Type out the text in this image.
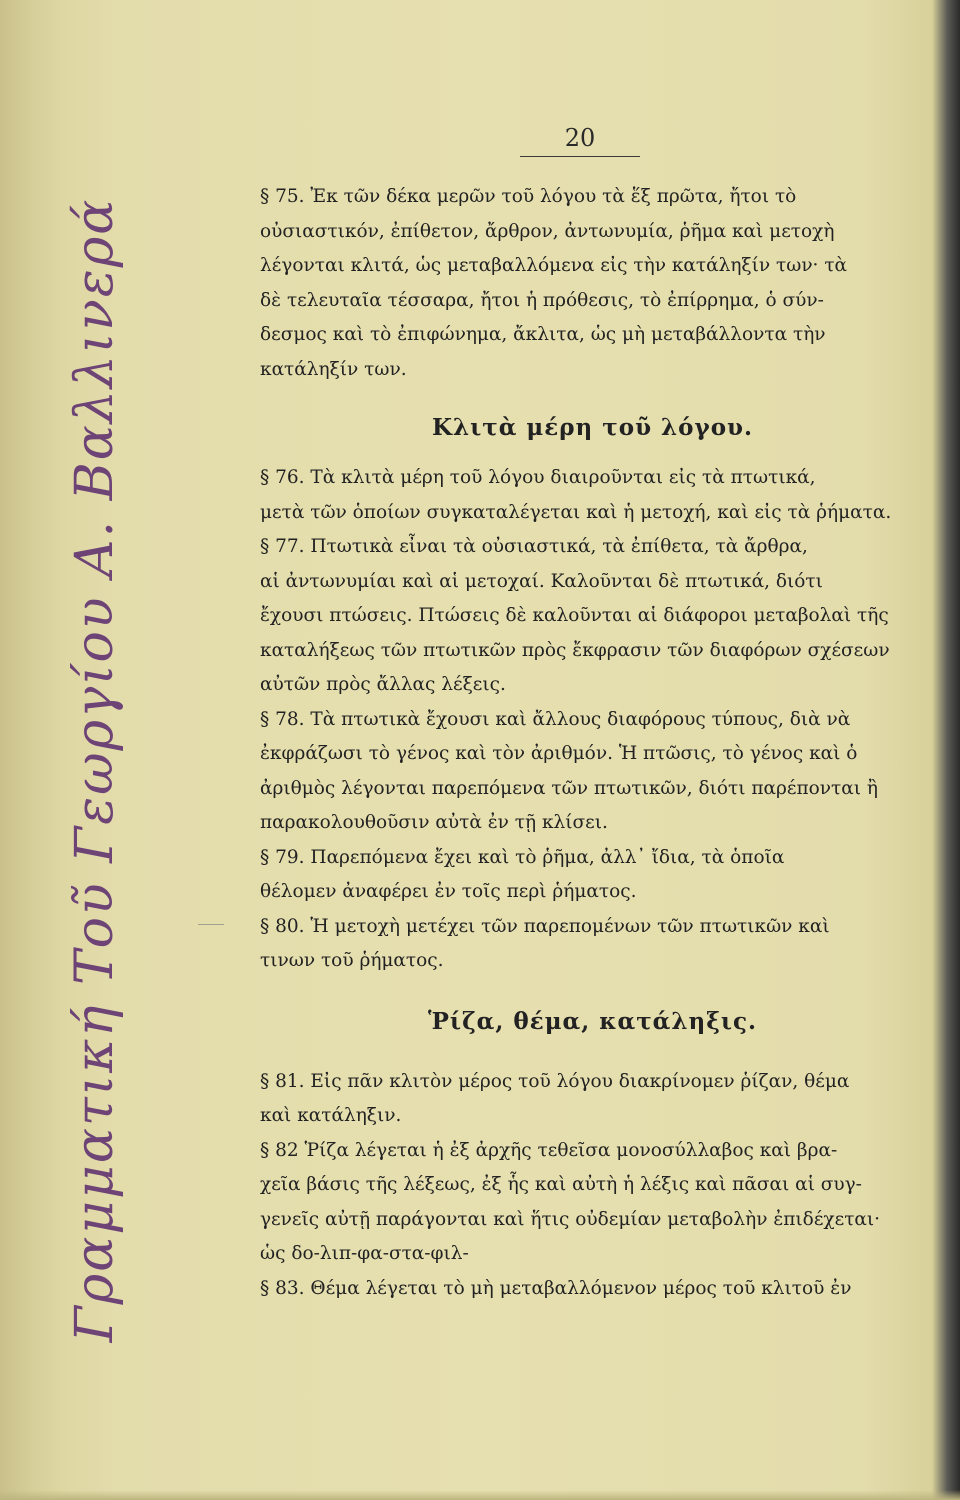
20
Γραμματική Τοῦ Γεωργίου Α. Βαλλινερά
§ 75. Ἐκ τῶν δέκα μερῶν τοῦ λόγου τὰ ἕξ πρῶτα, ἤτοι τὸ
οὐσιαστικόν, ἐπίθετον, ἄρθρον, ἀντωνυμία, ῥῆμα καὶ μετοχὴ
λέγονται κλιτά, ὡς μεταβαλλόμενα εἰς τὴν κατάληξίν των· τὰ
δὲ τελευταῖα τέσσαρα, ἤτοι ἡ πρόθεσις, τὸ ἐπίρρημα, ὁ σύν-
δεσμος καὶ τὸ ἐπιφώνημα, ἄκλιτα, ὡς μὴ μεταβάλλοντα τὴν
κατάληξίν των.
Κλιτὰ μέρη τοῦ λόγου.
§ 76. Τὰ κλιτὰ μέρη τοῦ λόγου διαιροῦνται εἰς τὰ πτωτικά,
μετὰ τῶν ὁποίων συγκαταλέγεται καὶ ἡ μετοχή, καὶ εἰς τὰ ῥήματα.
§ 77. Πτωτικὰ εἶναι τὰ οὐσιαστικά, τὰ ἐπίθετα, τὰ ἄρθρα,
αἱ ἀντωνυμίαι καὶ αἱ μετοχαί. Καλοῦνται δὲ πτωτικά, διότι
ἔχουσι πτώσεις. Πτώσεις δὲ καλοῦνται αἱ διάφοροι μεταβολαὶ τῆς
καταλήξεως τῶν πτωτικῶν πρὸς ἔκφρασιν τῶν διαφόρων σχέσεων
αὐτῶν πρὸς ἄλλας λέξεις.
§ 78. Τὰ πτωτικὰ ἔχουσι καὶ ἄλλους διαφόρους τύπους, διὰ νὰ
ἐκφράζωσι τὸ γένος καὶ τὸν ἀριθμόν. Ἡ πτῶσις, τὸ γένος καὶ ὁ
ἀριθμὸς λέγονται παρεπόμενα τῶν πτωτικῶν, διότι παρέπονται ἢ
παρακολουθοῦσιν αὐτὰ ἐν τῇ κλίσει.
§ 79. Παρεπόμενα ἔχει καὶ τὸ ῥῆμα, ἀλλ᾽ ἴδια, τὰ ὁποῖα
θέλομεν ἀναφέρει ἐν τοῖς περὶ ῥήματος.
§ 80. Ἡ μετοχὴ μετέχει τῶν παρεπομένων τῶν πτωτικῶν καὶ
τινων τοῦ ῥήματος.
Ῥίζα, θέμα, κατάληξις.
§ 81. Εἰς πᾶν κλιτὸν μέρος τοῦ λόγου διακρίνομεν ῥίζαν, θέμα
καὶ κατάληξιν.
§ 82 Ῥίζα λέγεται ἡ ἐξ ἀρχῆς τεθεῖσα μονοσύλλαβος καὶ βρα-
χεῖα βάσις τῆς λέξεως, ἐξ ἧς καὶ αὐτὴ ἡ λέξις καὶ πᾶσαι αἱ συγ-
γενεῖς αὐτῇ παράγονται καὶ ἥτις οὐδεμίαν μεταβολὴν ἐπιδέχεται·
ὡς δο-λιπ-φα-στα-φιλ-
§ 83. Θέμα λέγεται τὸ μὴ μεταβαλλόμενον μέρος τοῦ κλιτοῦ ἐν
